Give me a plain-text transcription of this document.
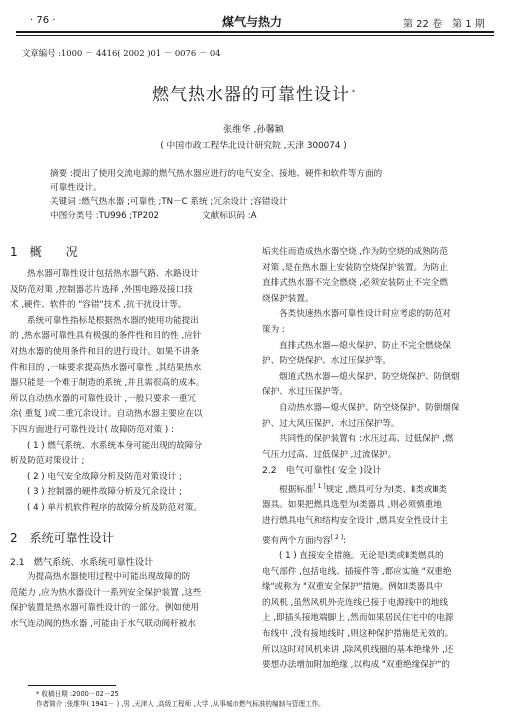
· 76 ·	煤气与热力	第 22 卷　第 1 期
文章编号 :1000 － 4416( 2002 )01 － 0076 － 04
燃气热水器的可靠性设计 *
张维华 ,孙馨颖
( 中国市政工程华北设计研究院 ,天津 300074 )
摘要 :提出了使用交流电源的燃气热水器应进行的电气安全、接地、硬件和软件等方面的
可靠性设计。
关键词 :燃气热水器 ;可靠性 ;TN－C 系统 ;冗余设计 ;容错设计
中图分类号 :TU996 ;TP202	文献标识码 :A

1　概　　况

热水器可靠性设计包括热水器气路、水路设计

及防范对策 ,控制器芯片选择 ,外围电路及接口技

术 ,硬件、软件的 "容错"技术 ,抗干扰设计等。

系统可靠性指标是根据热水器的使用功能提出

的 ,热水器可靠性具有极强的条件性和目的性 ,应针

对热水器的使用条件和目的进行设计。如果不讲条

件和目的 ,一味要求提高热水器可靠性 ,其结果热水

器只能是一个难于制造的系统 ,并且需很高的成本。

所以自动热水器的可靠性设计 ,一般只要求一重冗

余( 重复 )或二重冗余设计。自动热水器主要应在以

下四方面进行可靠性设计( 故障防范对策 ) :

( 1 ) 燃气系统、水系统本身可能出现的故障分

析及防范对策设计 ;

( 2 ) 电气安全故障分析及防范对策设计 ;

( 3 ) 控制器的硬件故障分析及冗余设计 ;

( 4 ) 单片机软件程序的故障分析及防范对策。

2　系统可靠性设计

2.1　燃气系统、水系统可靠性设计

为提高热水器使用过程中可能出现故障的防

范能力 ,应为热水器设计一系列安全保护装置 ,这些

保护装置是热水器可靠性设计的一部分。例如使用

水气连动阀的热水器 ,可能由于水气联动阀杆被水

垢夹住而造成热水器空烧 ,作为防空烧的成熟防范

对策 ,是在热水器上安装防空烧保护装置。为防止

直排式热水器不完全燃烧 ,必须安装防止不完全燃

烧保护装置。

各类快速热水器可靠性设计时应考虑的防范对

策为 :

直排式热水器—熄火保护、防止不完全燃烧保

护、防空烧保护、水过压保护等。

烟道式热水器—熄火保护、防空烧保护、防倒烟

保护、水过压保护等。

自动热水器—熄火保护、防空烧保护、防倒烟保

护、过大风压保护、水过压保护等。

共同性的保护装置有 :水压过高、过低保护 ,燃

气压力过高、过低保护 ,过流保护。

2.2　电气可靠性( 安全 )设计

根据标准[ 1 ]规定 ,燃具可分为Ⅰ类、Ⅱ类或Ⅲ类

器具。如果把燃具选型为Ⅰ类器具 ,则必须慎重地

进行燃具电气和结构安全设计 ,燃具安全性设计主

要有两个方面内容[ 2 ]:

( 1 ) 直接安全措施。无论是Ⅰ类或Ⅱ类燃具的

电气部件 ,包括电线、插接件等 ,都应实施 "双重绝

缘"或称为 "双重安全保护"措施。例如Ⅰ类器具中

的风机 ,虽然风机外壳连线已接于电源线中的地线

上 ,即插头接地端脚上 ,然而如果居民住宅中的电源

布线中 ,没有接地线时 ,则这种保护措施是无效的。

所以这时对风机来讲 ,除风机线圈的基本绝缘外 ,还

要想办法增加附加绝缘 ,以构成 "双重绝缘保护"的

* 收稿日期 :2000－02－25
作者简介 :张维华( 1941－ ) ,男 ,天津人 ,高级工程师 ,大学 ,从事城市燃气标准的编制与管理工作。
